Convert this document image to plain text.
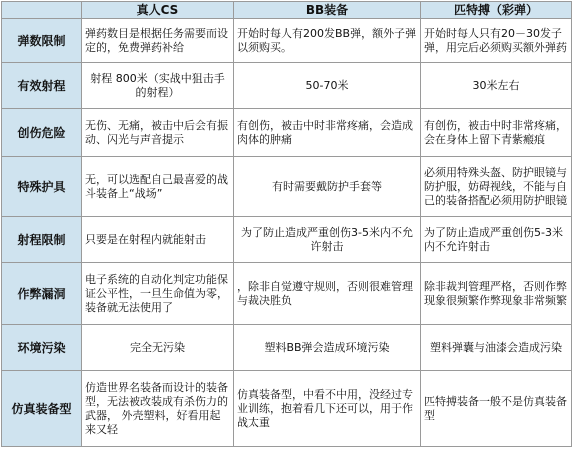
	真人CS	BB装备	匹特搏（彩弹）
弹数限制	弹药数目是根据任务需要而设定的，免费弹药补给	开始时每人有200发BB弹，额外子弹以须购买。	开始时每人只有20－30发子弹，用完后必须购买额外弹药
有效射程	射程 800米（实战中狙击手的射程）	50-70米	30米左右
创伤危险	无伤、无痛，被击中后会有振动、闪光与声音提示	有创伤，被击中时非常疼痛，会造成肉体的肿痛	有创伤，被击中时非常疼痛，会在身体上留下青紫瘢痕
特殊护具	无，可以选配自己最喜爱的战斗装备上“战场”	有时需要戴防护手套等	必须用特殊头盔、防护眼镜与防护服，妨碍视线，不能与自己的装备搭配必须用防护眼镜
射程限制	只要是在射程内就能射击	为了防止造成严重创伤3-5米内不允许射击	为了防止造成严重创伤5-3米内不允许射击
作弊漏洞	电子系统的自动化判定功能保证公平性，一旦生命值为零，装备就无法使用了	，除非自觉遵守规则，否则很难管理与裁决胜负	除非裁判管理严格，否则作弊现象很频繁作弊现象非常频繁
环境污染	完全无污染	塑料BB弹会造成环境污染	塑料弹囊与油漆会造成污染
仿真装备型	仿造世界名装备而设计的装备型，无法被改装成有杀伤力的武器， 外壳塑料，好看用起来又轻	仿真装备型，中看不中用，没经过专业训练，抱着看几下还可以，用于作战太重	匹特搏装备一般不是仿真装备型
